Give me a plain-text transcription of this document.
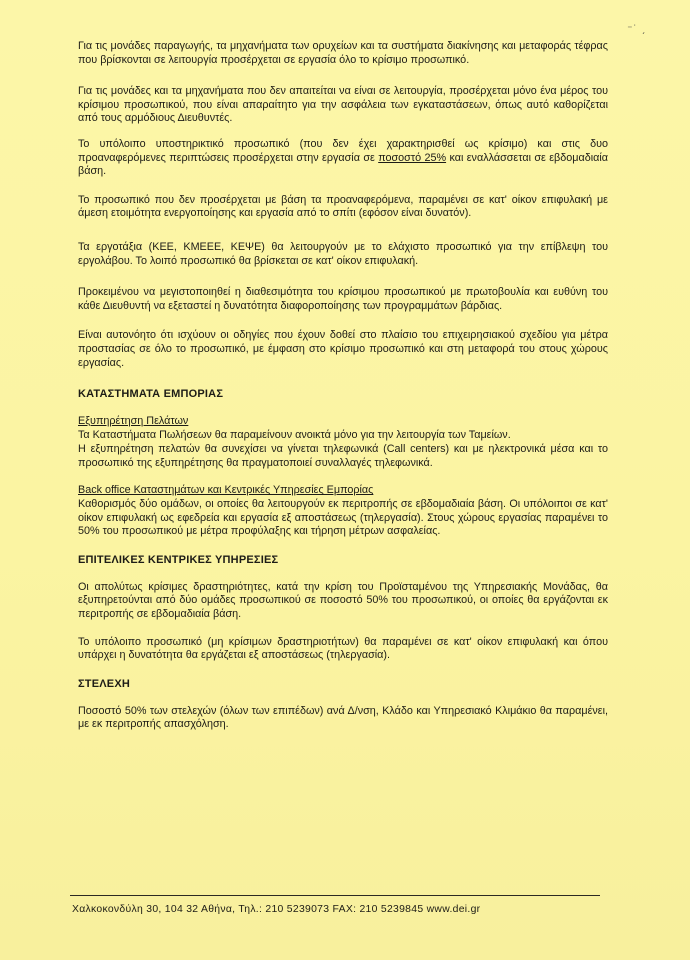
⁻˙ ˏ

Για τις μονάδες παραγωγής, τα μηχανήματα των ορυχείων και τα συστήματα διακίνησης και μεταφοράς τέφρας που βρίσκονται σε λειτουργία προσέρχεται σε εργασία όλο το κρίσιμο προσωπικό.

Για τις μονάδες και τα μηχανήματα που δεν απαιτείται να είναι σε λειτουργία, προσέρχεται μόνο ένα μέρος του κρίσιμου προσωπικού, που είναι απαραίτητο για την ασφάλεια των εγκαταστάσεων, όπως αυτό καθορίζεται από τους αρμόδιους Διευθυντές.

Το υπόλοιπο υποστηρικτικό προσωπικό (που δεν έχει χαρακτηρισθεί ως κρίσιμο) και στις δυο προαναφερόμενες περιπτώσεις προσέρχεται στην εργασία σε ποσοστό 25% και εναλλάσσεται σε εβδομαδιαία βάση.

Το προσωπικό που δεν προσέρχεται με βάση τα προαναφερόμενα, παραμένει σε κατ' οίκον επιφυλακή με άμεση ετοιμότητα ενεργοποίησης και εργασία από το σπίτι (εφόσον είναι δυνατόν).

Τα εργοτάξια (ΚΕΕ, ΚΜΕΕΕ, ΚΕΨΕ) θα λειτουργούν με το ελάχιστο προσωπικό για την επίβλεψη του εργολάβου. Το λοιπό προσωπικό θα βρίσκεται σε κατ' οίκον επιφυλακή.

Προκειμένου να μεγιστοποιηθεί η διαθεσιμότητα του κρίσιμου προσωπικού με πρωτοβουλία και ευθύνη του κάθε Διευθυντή να εξεταστεί η δυνατότητα διαφοροποίησης των προγραμμάτων βάρδιας.

Είναι αυτονόητο ότι ισχύουν οι οδηγίες που έχουν δοθεί στο πλαίσιο του επιχειρησιακού σχεδίου για μέτρα προστασίας σε όλο το προσωπικό, με έμφαση στο κρίσιμο προσωπικό και στη μεταφορά του στους χώρους εργασίας.

ΚΑΤΑΣΤΗΜΑΤΑ ΕΜΠΟΡΙΑΣ

Εξυπηρέτηση Πελάτων

Τα Καταστήματα Πωλήσεων θα παραμείνουν ανοικτά μόνο για την λειτουργία των Ταμείων.

Η εξυπηρέτηση πελατών θα συνεχίσει να γίνεται τηλεφωνικά (Call centers) και με ηλεκτρονικά μέσα και το προσωπικό της εξυπηρέτησης θα πραγματοποιεί συναλλαγές τηλεφωνικά.

Back office Καταστημάτων και Κεντρικές Υπηρεσίες Εμπορίας

Καθορισμός δύο ομάδων, οι οποίες θα λειτουργούν εκ περιτροπής σε εβδομαδιαία βάση. Οι υπόλοιποι σε κατ' οίκον επιφυλακή ως εφεδρεία και εργασία εξ αποστάσεως (τηλεργασία). Στους χώρους εργασίας παραμένει το 50% του προσωπικού με μέτρα προφύλαξης και τήρηση μέτρων ασφαλείας.

ΕΠΙΤΕΛΙΚΕΣ ΚΕΝΤΡΙΚΕΣ ΥΠΗΡΕΣΙΕΣ

Οι απολύτως κρίσιμες δραστηριότητες, κατά την κρίση του Προϊσταμένου της Υπηρεσιακής Μονάδας, θα εξυπηρετούνται από δύο ομάδες προσωπικού σε ποσοστό 50% του προσωπικού, οι οποίες θα εργάζονται εκ περιτροπής σε εβδομαδιαία βάση.

Το υπόλοιπο προσωπικό (μη κρίσιμων δραστηριοτήτων) θα παραμένει σε κατ' οίκον επιφυλακή και όπου υπάρχει η δυνατότητα θα εργάζεται εξ αποστάσεως (τηλεργασία).

ΣΤΕΛΕΧΗ

Ποσοστό 50% των στελεχών (όλων των επιπέδων) ανά Δ/νση, Κλάδο και Υπηρεσιακό Κλιμάκιο θα παραμένει, με εκ περιτροπής απασχόληση.

Χαλκοκονδύλη 30, 104 32 Αθήνα, Τηλ.: 210 5239073 FAX: 210 5239845 www.dei.gr
